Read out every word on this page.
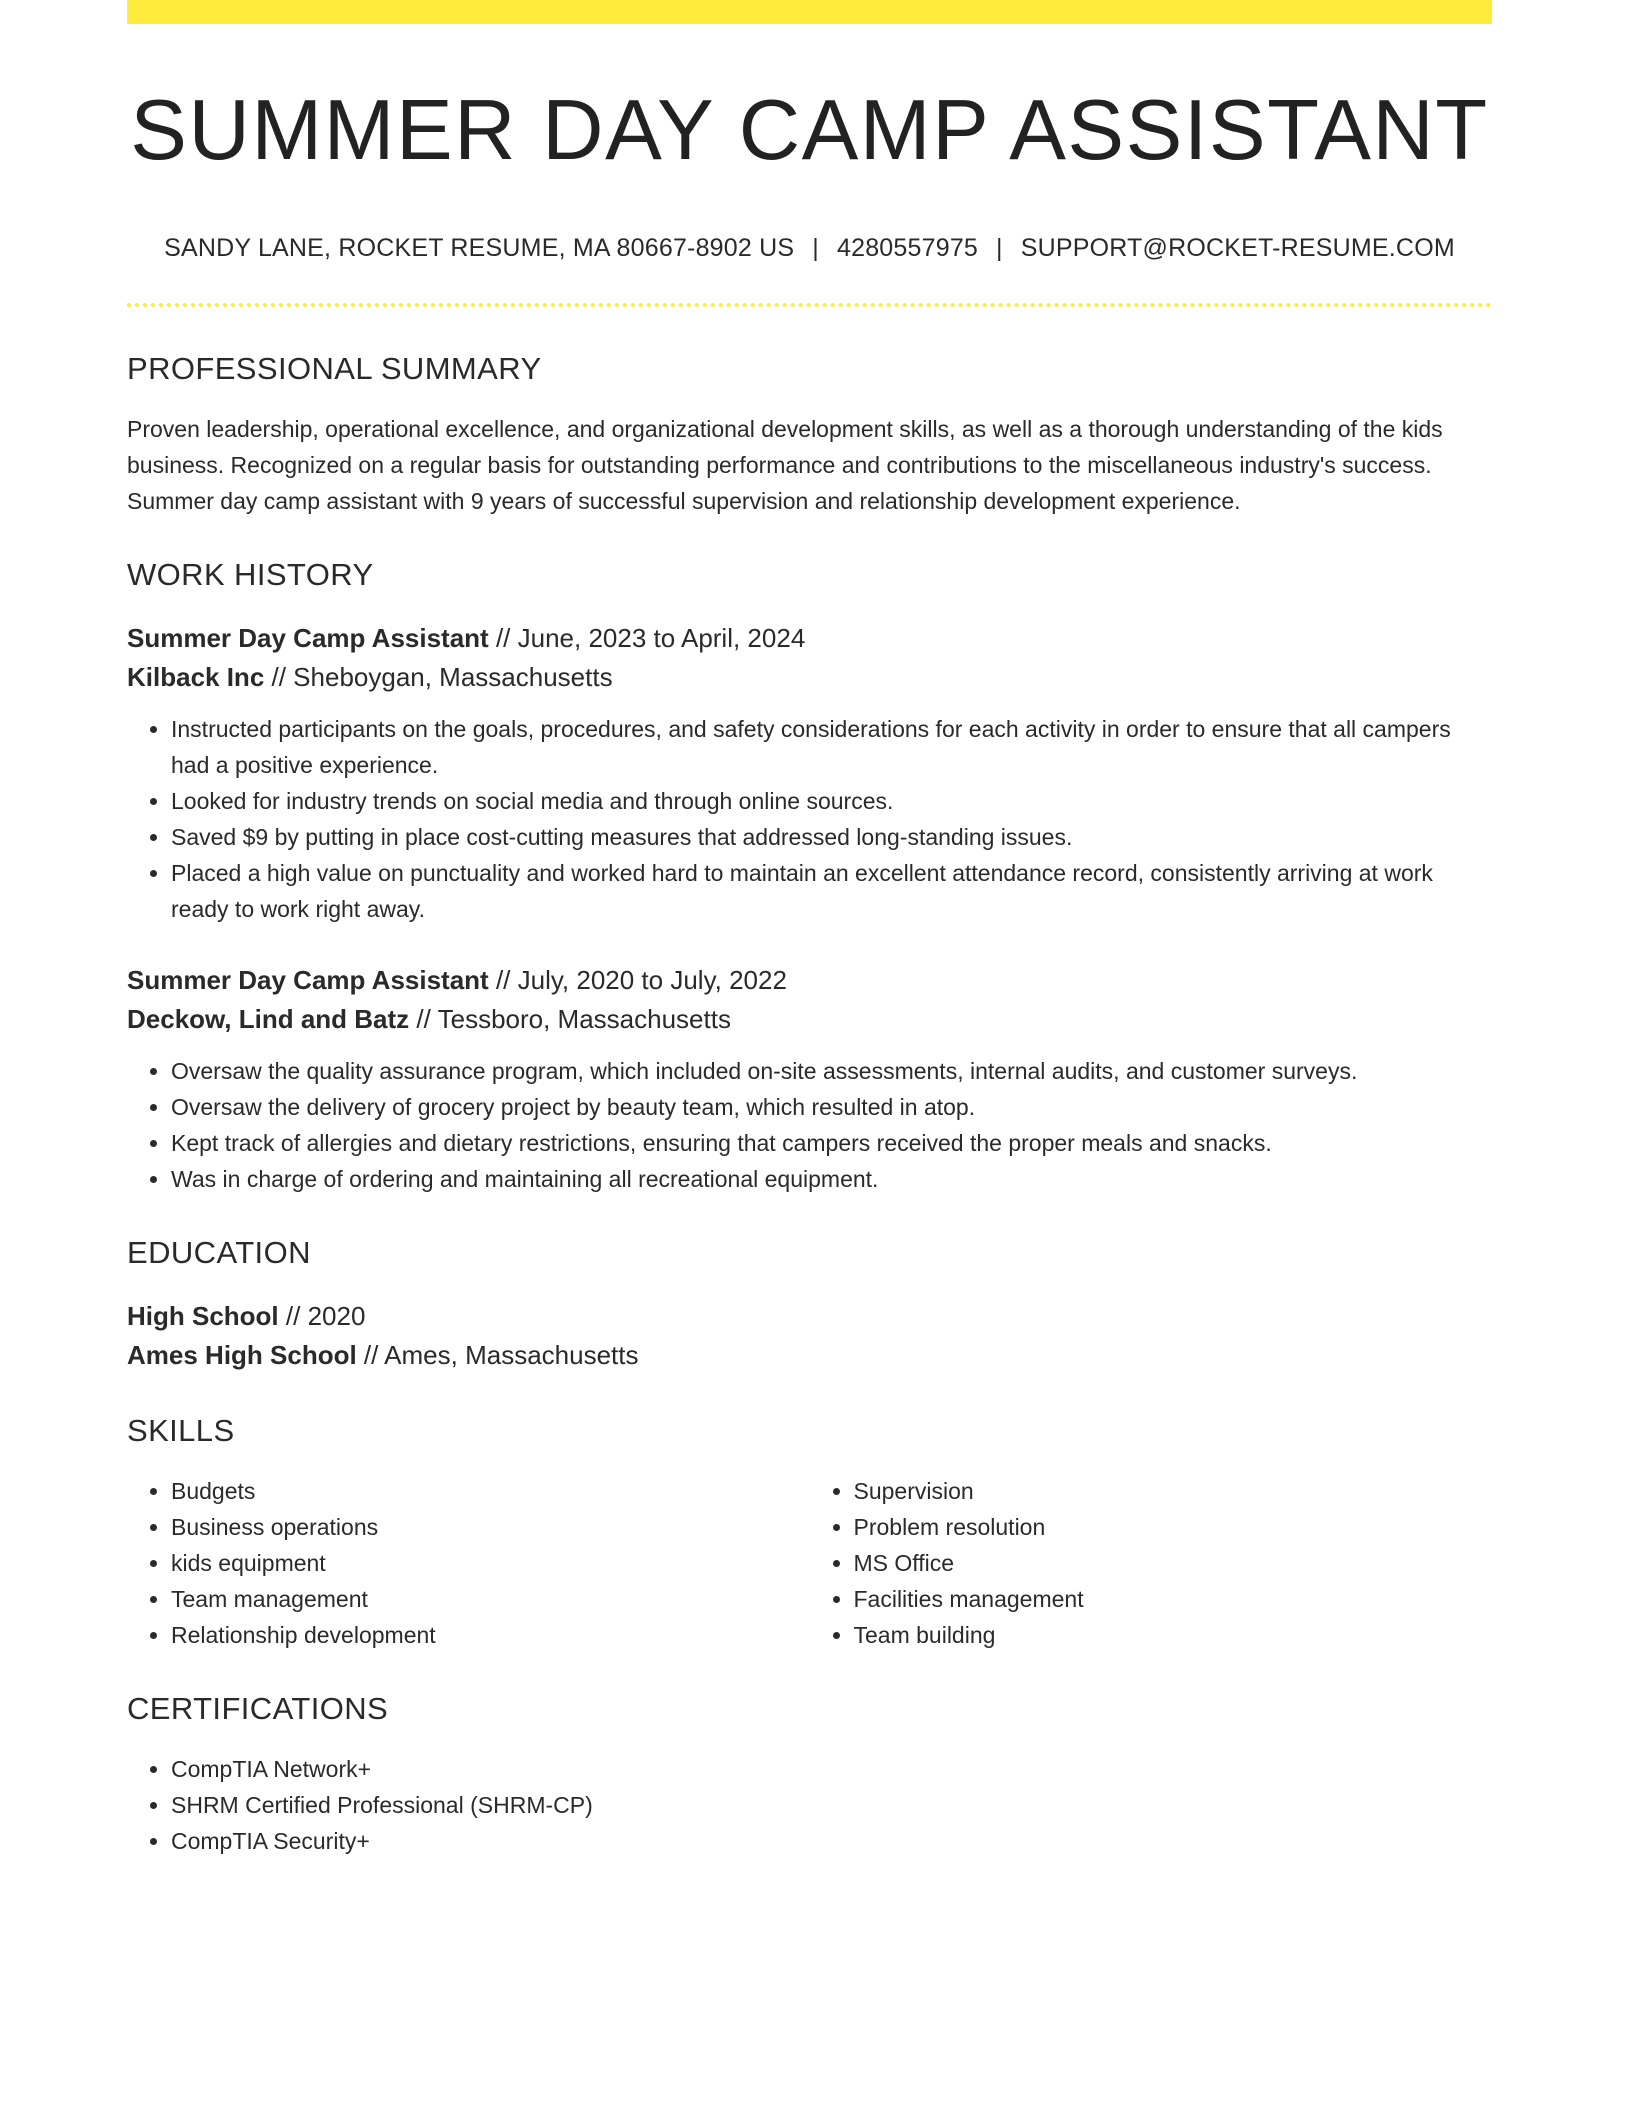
SUMMER DAY CAMP ASSISTANT
SANDY LANE, ROCKET RESUME, MA 80667-8902 US | 4280557975 | SUPPORT@ROCKET-RESUME.COM
PROFESSIONAL SUMMARY

Proven leadership, operational excellence, and organizational development skills, as well as a thorough understanding of the kids business. Recognized on a regular basis for outstanding performance and contributions to the miscellaneous industry's success. Summer day camp assistant with 9 years of successful supervision and relationship development experience.

WORK HISTORY
Summer Day Camp Assistant // June, 2023 to April, 2024
Kilback Inc // Sheboygan, Massachusetts
• Instructed participants on the goals, procedures, and safety considerations for each activity in order to ensure that all campers had a positive experience.
• Looked for industry trends on social media and through online sources.
• Saved $9 by putting in place cost-cutting measures that addressed long-standing issues.
• Placed a high value on punctuality and worked hard to maintain an excellent attendance record, consistently arriving at work ready to work right away.
Summer Day Camp Assistant // July, 2020 to July, 2022
Deckow, Lind and Batz // Tessboro, Massachusetts
• Oversaw the quality assurance program, which included on-site assessments, internal audits, and customer surveys.
• Oversaw the delivery of grocery project by beauty team, which resulted in atop.
• Kept track of allergies and dietary restrictions, ensuring that campers received the proper meals and snacks.
• Was in charge of ordering and maintaining all recreational equipment.
EDUCATION
High School // 2020
Ames High School // Ames, Massachusetts
SKILLS
• Budgets
• Business operations
• kids equipment
• Team management
• Relationship development
• Supervision
• Problem resolution
• MS Office
• Facilities management
• Team building
CERTIFICATIONS
• CompTIA Network+
• SHRM Certified Professional (SHRM-CP)
• CompTIA Security+
